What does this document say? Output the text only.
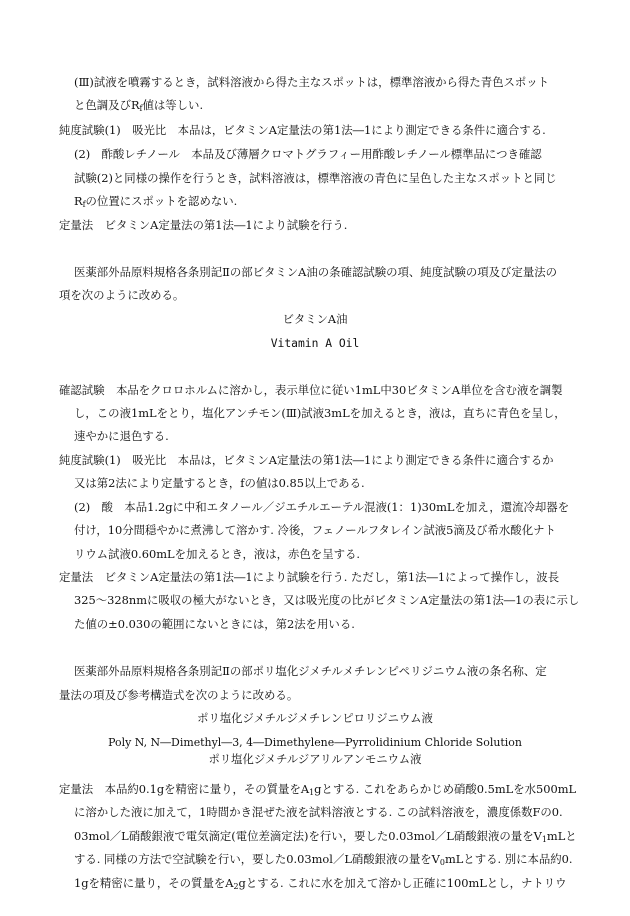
(Ⅲ)試液を噴霧するとき，試料溶液から得た主なスポットは，標準溶液から得た青色スポット
と色調及び$R_f$値は等しい.
純度試験(1)　吸光比　本品は，ビタミンA定量法の第1法―1により測定できる条件に適合する.
(2)　酢酸レチノール　本品及び薄層クロマトグラフィー用酢酸レチノール標準品につき確認
試験(2)と同様の操作を行うとき，試料溶液は，標準溶液の青色に呈色した主なスポットと同じ
$R_f$の位置にスポットを認めない.
定量法　ビタミンA定量法の第1法―1により試験を行う.
医薬部外品原料規格各条別記Ⅱの部ビタミンA油の条確認試験の項、純度試験の項及び定量法の
項を次のように改める。
ビタミンA油
Vitamin A Oil
確認試験　本品をクロロホルムに溶かし，表示単位に従い1mL中30ビタミンA単位を含む液を調製
し，この液1mLをとり，塩化アンチモン(Ⅲ)試液3mLを加えるとき，液は，直ちに青色を呈し，
速やかに退色する.
純度試験(1)　吸光比　本品は，ビタミンA定量法の第1法―1により測定できる条件に適合するか
又は第2法により定量するとき，fの値は0.85以上である.
(2)　酸　本品1.2gに中和エタノール／ジエチルエーテル混液(1：1)30mLを加え，還流冷却器を
付け，10分間穏やかに煮沸して溶かす. 冷後，フェノールフタレイン試液5滴及び希水酸化ナト
リウム試液0.60mLを加えるとき，液は，赤色を呈する.
定量法　ビタミンA定量法の第1法―1により試験を行う. ただし，第1法―1によって操作し，波長
325～328nmに吸収の極大がないとき，又は吸光度の比がビタミンA定量法の第1法―1の表に示し
た値の±0.030の範囲にないときには，第2法を用いる.
医薬部外品原料規格各条別記Ⅱの部ポリ塩化ジメチルメチレンピペリジニウム液の条名称、定
量法の項及び参考構造式を次のように改める。
ポリ塩化ジメチルジメチレンピロリジニウム液
Poly N, N―Dimethyl―3, 4―Dimethylene―Pyrrolidinium Chloride Solution
ポリ塩化ジメチルジアリルアンモニウム液
定量法　本品約0.1gを精密に量り，その質量を$A_1g$とする. これをあらかじめ硝酸0.5mLを水500mL
に溶かした液に加えて，1時間かき混ぜた液を試料溶液とする. この試料溶液を，濃度係数Fの0.
03mol／L硝酸銀液で電気滴定(電位差滴定法)を行い，要した0.03mol／L硝酸銀液の量を$V_1mL$と
する. 同様の方法で空試験を行い，要した0.03mol／L硝酸銀液の量を$V_0mL$とする. 別に本品約0.
1gを精密に量り，その質量を$A_2g$とする. これに水を加えて溶かし正確に100mLとし，ナトリウ
